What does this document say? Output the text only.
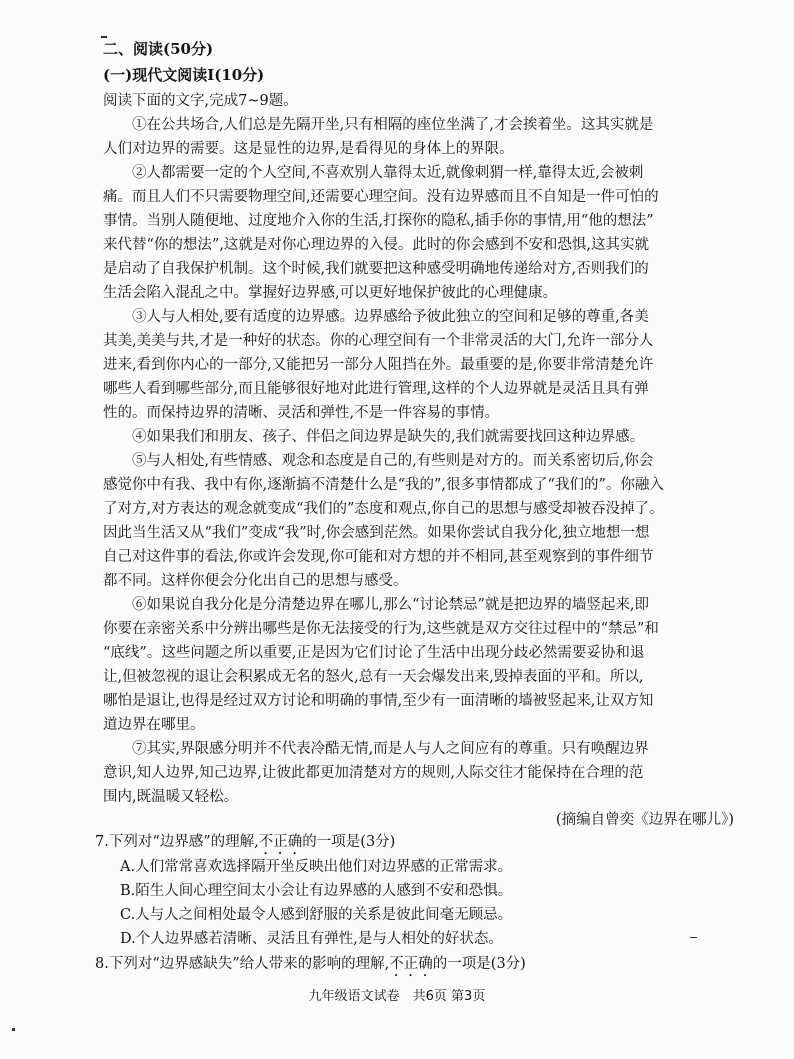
二、阅读(50分)
(一)现代文阅读Ⅰ(10分)
阅读下面的文字,完成7~9题。
　　①在公共场合,人们总是先隔开坐,只有相隔的座位坐满了,才会挨着坐。这其实就是
人们对边界的需要。这是显性的边界,是看得见的身体上的界限。
　　②人都需要一定的个人空间,不喜欢别人靠得太近,就像刺猬一样,靠得太近,会被刺
痛。而且人们不只需要物理空间,还需要心理空间。没有边界感而且不自知是一件可怕的
事情。当别人随便地、过度地介入你的生活,打探你的隐私,插手你的事情,用“他的想法”
来代替“你的想法”,这就是对你心理边界的入侵。此时的你会感到不安和恐惧,这其实就
是启动了自我保护机制。这个时候,我们就要把这种感受明确地传递给对方,否则我们的
生活会陷入混乱之中。掌握好边界感,可以更好地保护彼此的心理健康。
　　③人与人相处,要有适度的边界感。边界感给予彼此独立的空间和足够的尊重,各美
其美,美美与共,才是一种好的状态。你的心理空间有一个非常灵活的大门,允许一部分人
进来,看到你内心的一部分,又能把另一部分人阻挡在外。最重要的是,你要非常清楚允许
哪些人看到哪些部分,而且能够很好地对此进行管理,这样的个人边界就是灵活且具有弹
性的。而保持边界的清晰、灵活和弹性,不是一件容易的事情。
　　④如果我们和朋友、孩子、伴侣之间边界是缺失的,我们就需要找回这种边界感。
　　⑤与人相处,有些情感、观念和态度是自己的,有些则是对方的。而关系密切后,你会
感觉你中有我、我中有你,逐渐搞不清楚什么是“我的”,很多事情都成了“我们的”。你融入
了对方,对方表达的观念就变成“我们的”态度和观点,你自己的思想与感受却被吞没掉了。
因此当生活又从“我们”变成“我”时,你会感到茫然。如果你尝试自我分化,独立地想一想
自己对这件事的看法,你或许会发现,你可能和对方想的并不相同,甚至观察到的事件细节
都不同。这样你便会分化出自己的思想与感受。
　　⑥如果说自我分化是分清楚边界在哪儿,那么“讨论禁忌”就是把边界的墙竖起来,即
你要在亲密关系中分辨出哪些是你无法接受的行为,这些就是双方交往过程中的“禁忌”和
“底线”。这些问题之所以重要,正是因为它们讨论了生活中出现分歧必然需要妥协和退
让,但被忽视的退让会积累成无名的怒火,总有一天会爆发出来,毁掉表面的平和。所以,
哪怕是退让,也得是经过双方讨论和明确的事情,至少有一面清晰的墙被竖起来,让双方知
道边界在哪里。
　　⑦其实,界限感分明并不代表冷酷无情,而是人与人之间应有的尊重。只有唤醒边界
意识,知人边界,知己边界,让彼此都更加清楚对方的规则,人际交往才能保持在合理的范
围内,既温暖又轻松。
(摘编自曾奕《边界在哪儿》)
7.下列对“边界感”的理解,不正确的一项是(3分)
A.人们常常喜欢选择隔开坐反映出他们对边界感的正常需求。
B.陌生人间心理空间太小会让有边界感的人感到不安和恐惧。
C.人与人之间相处最令人感到舒服的关系是彼此间毫无顾忌。
D.个人边界感若清晰、灵活且有弹性,是与人相处的好状态。
8.下列对“边界感缺失”给人带来的影响的理解,不正确的一项是(3分)
九年级语文试卷　共6页 第3页
